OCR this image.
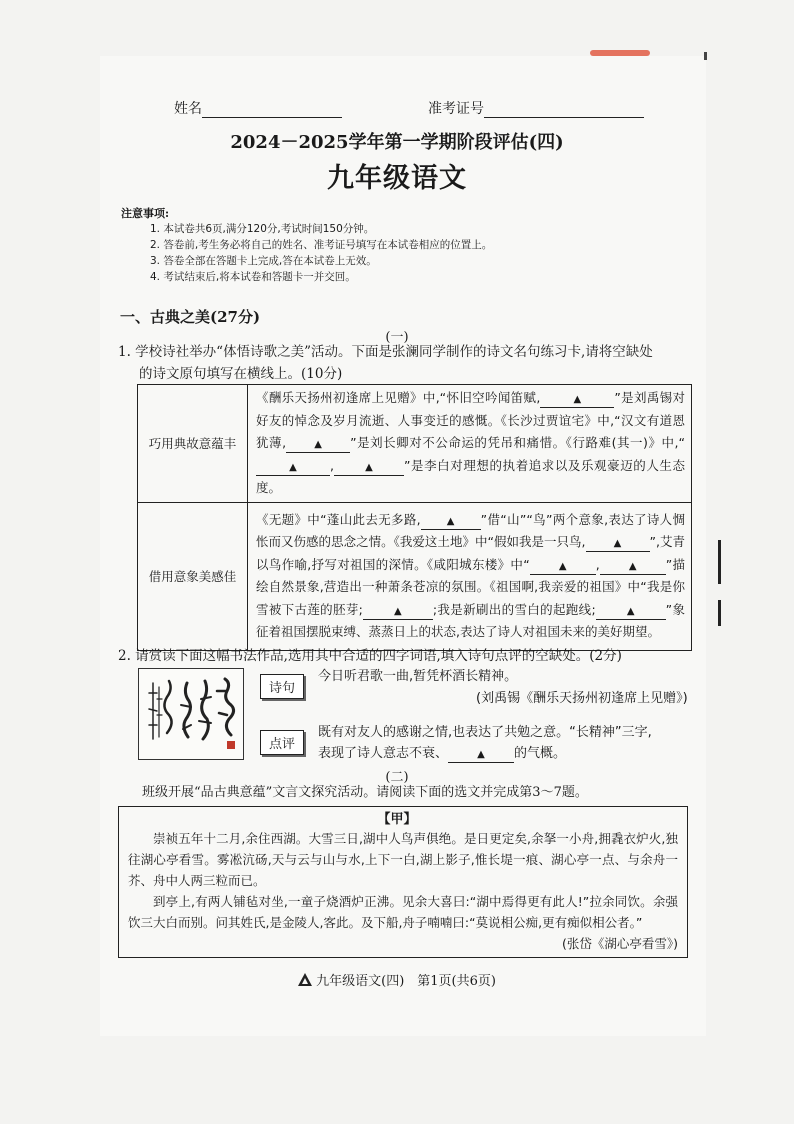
姓名	准考证号
2024－2025学年第一学期阶段评估(四)
九年级语文
注意事项:
1. 本试卷共6页,满分120分,考试时间150分钟。
2. 答卷前,考生务必将自己的姓名、准考证号填写在本试卷相应的位置上。
3. 答卷全部在答题卡上完成,答在本试卷上无效。
4. 考试结束后,将本试卷和答题卡一并交回。
一、古典之美(27分)
(一)
1. 学校诗社举办“体悟诗歌之美”活动。下面是张澜同学制作的诗文名句练习卡,请将空缺处
的诗文原句填写在横线上。(10分)
巧用典故意蕴丰	《酬乐天扬州初逢席上见赠》中,“怀旧空吟闻笛赋, ▲ ”是刘禹锡对好友的悼念及岁月流逝、人事变迁的感慨。《长沙过贾谊宅》中,“汉文有道恩犹薄, ▲ ”是刘长卿对不公命运的凭吊和痛惜。《行路难(其一)》中,“▲ , ▲ ”是李白对理想的执着追求以及乐观豪迈的人生态度。
借用意象美感佳	《无题》中“蓬山此去无多路, ▲ ”借“山”“鸟”两个意象,表达了诗人惆怅而又伤感的思念之情。《我爱这土地》中“假如我是一只鸟, ▲ ”,艾青以鸟作喻,抒写对祖国的深情。《咸阳城东楼》中“ ▲ , ▲ ”描绘自然景象,营造出一种萧条苍凉的氛围。《祖国啊,我亲爱的祖国》中“我是你雪被下古莲的胚芽; ▲ ;我是新刷出的雪白的起跑线; ▲ ”象征着祖国摆脱束缚、蒸蒸日上的状态,表达了诗人对祖国未来的美好期望。
2. 请赏读下面这幅书法作品,选用其中合适的四字词语,填入诗句点评的空缺处。(2分)
诗句
今日听君歌一曲,暂凭杯酒长精神。
(刘禹锡《酬乐天扬州初逢席上见赠》)
点评
既有对友人的感谢之情,也表达了共勉之意。“长精神”三字,
表现了诗人意志不衰、	▲ 的气概。
(二)
班级开展“品古典意蕴”文言文探究活动。请阅读下面的选文并完成第3～7题。
【甲】
崇祯五年十二月,余住西湖。大雪三日,湖中人鸟声俱绝。是日更定矣,余拏一小舟,拥毳衣炉火,独往湖心亭看雪。雾凇沆砀,天与云与山与水,上下一白,湖上影子,惟长堤一痕、湖心亭一点、与余舟一芥、舟中人两三粒而已。
到亭上,有两人铺毡对坐,一童子烧酒炉正沸。见余大喜曰:“湖中焉得更有此人!”拉余同饮。余强饮三大白而别。问其姓氏,是金陵人,客此。及下船,舟子喃喃曰:“莫说相公痴,更有痴似相公者。”
(张岱《湖心亭看雪》)
九年级语文(四)　第1页(共6页)
